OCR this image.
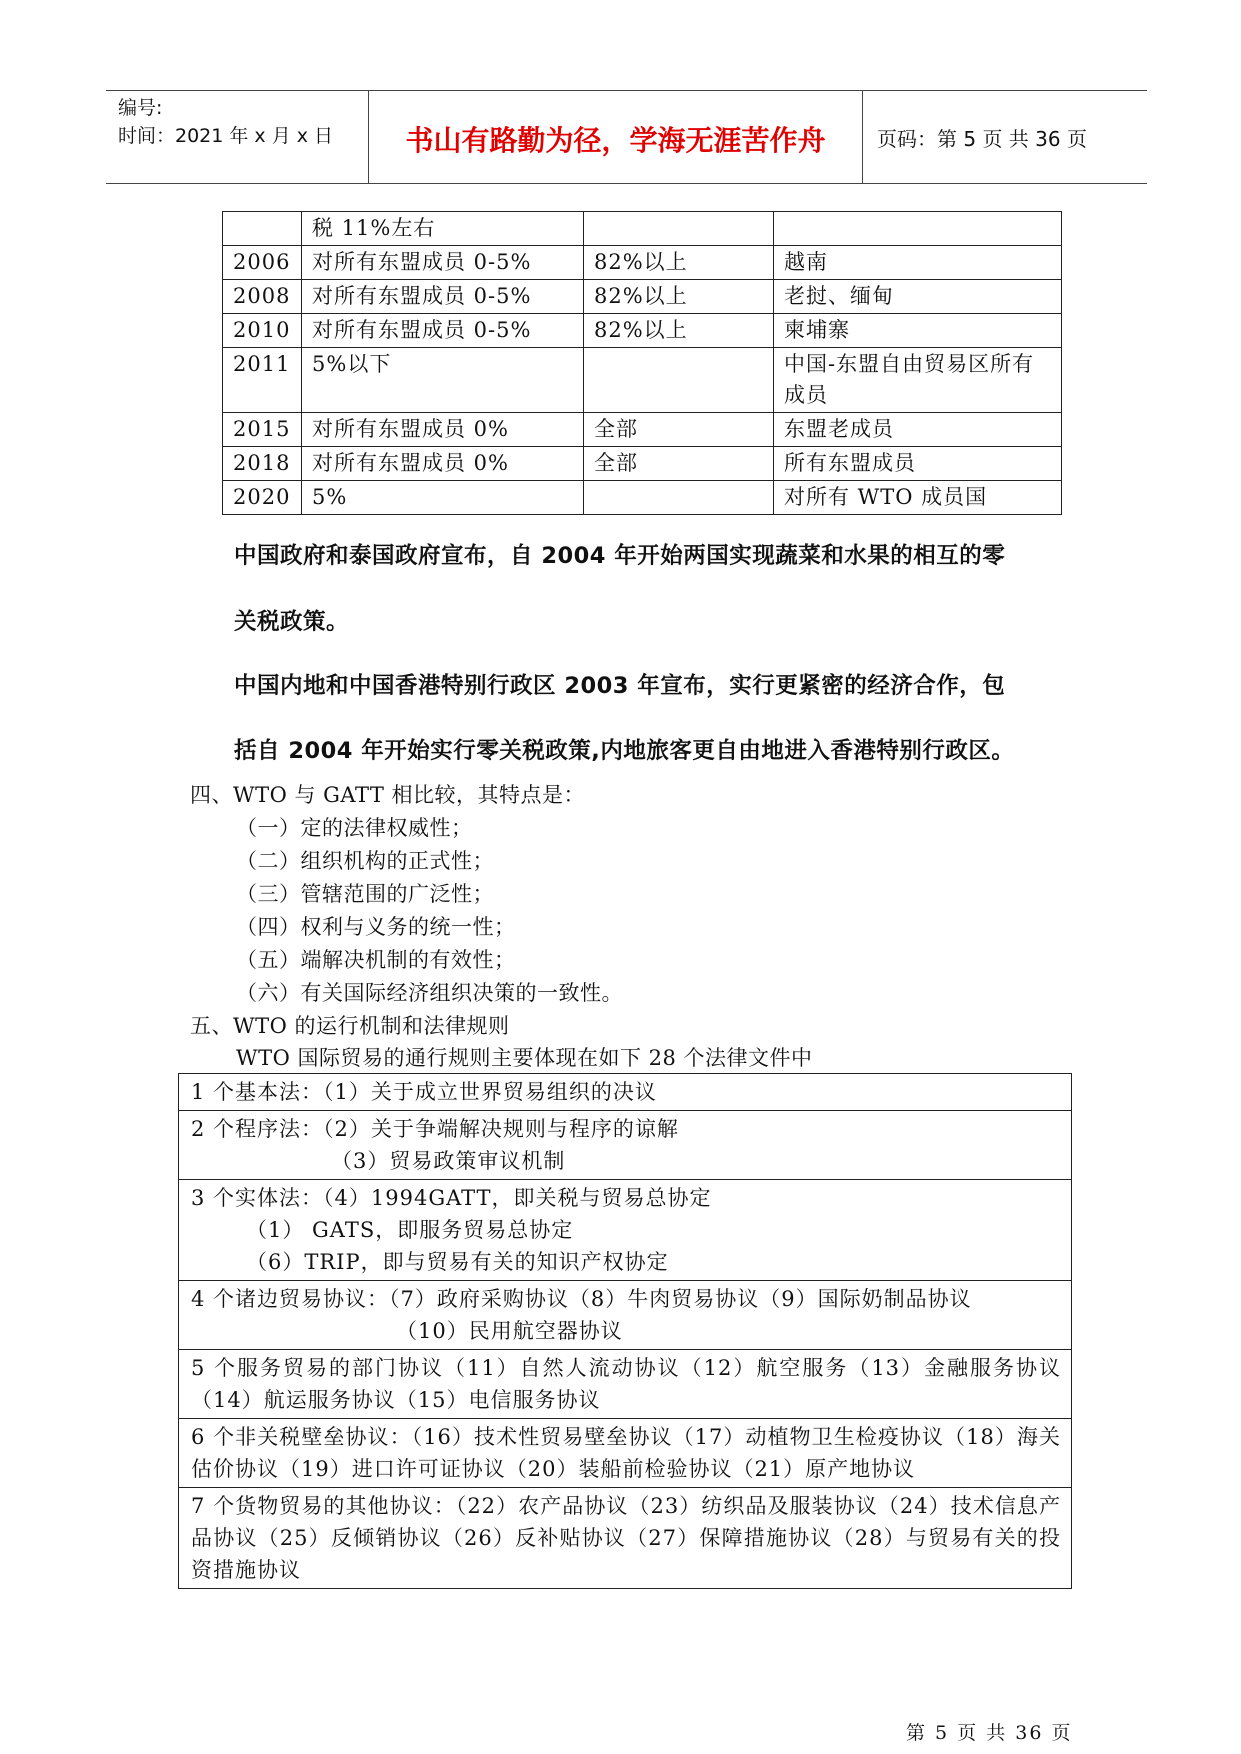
编号:
时间：2021 年 x 月 x 日	书山有路勤为径，学海无涯苦作舟	页码：第 5 页 共 36 页
	税 11%左右		
2006	对所有东盟成员 0-5%	82%以上	越南
2008	对所有东盟成员 0-5%	82%以上	老挝、缅甸
2010	对所有东盟成员 0-5%	82%以上	柬埔寨
2011	5%以下		中国-东盟自由贸易区所有成员
2015	对所有东盟成员 0%	全部	东盟老成员
2018	对所有东盟成员 0%	全部	所有东盟成员
2020	5%		对所有 WTO 成员国
中国政府和泰国政府宣布，自 2004 年开始两国实现蔬菜和水果的相互的零
关税政策。
中国内地和中国香港特别行政区 2003 年宣布，实行更紧密的经济合作，包
括自 2004 年开始实行零关税政策,内地旅客更自由地进入香港特别行政区。
四、WTO 与 GATT 相比较，其特点是：
（一）定的法律权威性；
（二）组织机构的正式性；
（三）管辖范围的广泛性；
（四）权利与义务的统一性；
（五）端解决机制的有效性；
（六）有关国际经济组织决策的一致性。
五、WTO 的运行机制和法律规则
WTO 国际贸易的通行规则主要体现在如下 28 个法律文件中
1 个基本法：（1）关于成立世界贸易组织的决议
2 个程序法：（2）关于争端解决规则与程序的谅解
（3）贸易政策审议机制
3 个实体法：（4）1994GATT，即关税与贸易总协定
（1） GATS，即服务贸易总协定
（6）TRIP，即与贸易有关的知识产权协定
4 个诸边贸易协议：（7）政府采购协议（8）牛肉贸易协议（9）国际奶制品协议
（10）民用航空器协议
5 个服务贸易的部门协议（11）自然人流动协议（12）航空服务（13）金融服务协议（14）航运服务协议（15）电信服务协议
6 个非关税壁垒协议：（16）技术性贸易壁垒协议（17）动植物卫生检疫协议（18）海关估价协议（19）进口许可证协议（20）装船前检验协议（21）原产地协议
7 个货物贸易的其他协议：（22）农产品协议（23）纺织品及服装协议（24）技术信息产品协议（25）反倾销协议（26）反补贴协议（27）保障措施协议（28）与贸易有关的投资措施协议
第 5 页 共 36 页
